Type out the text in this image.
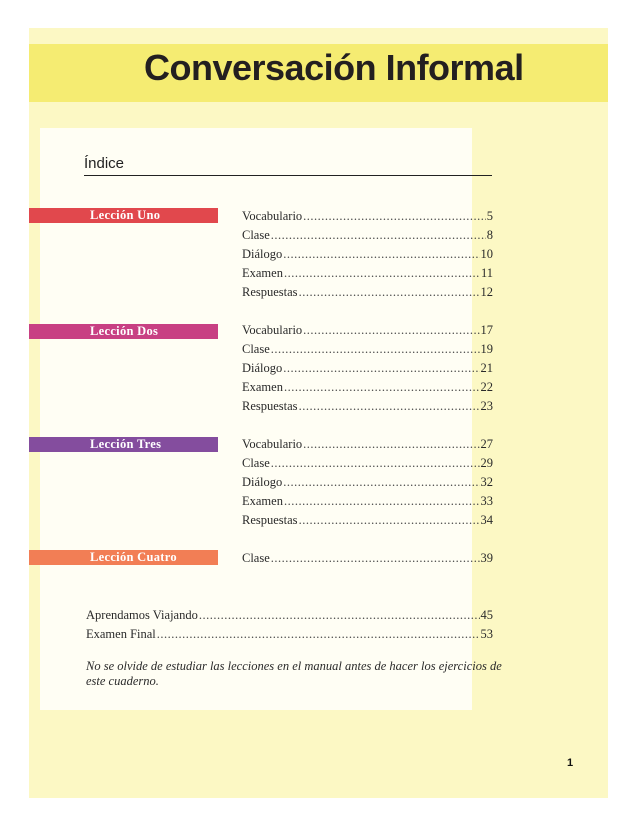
Conversación Informal
Índice
Lección Uno	Vocabulario .....	5
Clase .....	8
Diálogo .....	10
Examen .....	11
Respuestas .....	12
Lección Dos	Vocabulario .....	17
Clase .....	19
Diálogo .....	21
Examen .....	22
Respuestas .....	23
Lección Tres	Vocabulario .....	27
Clase .....	29
Diálogo .....	32
Examen .....	33
Respuestas .....	34
Lección Cuatro	Clase .....	39
Aprendamos Viajando .....	45
Examen Final .....	53
No se olvide de estudiar las lecciones en el manual antes de hacer los ejercicios de este cuaderno.
1
